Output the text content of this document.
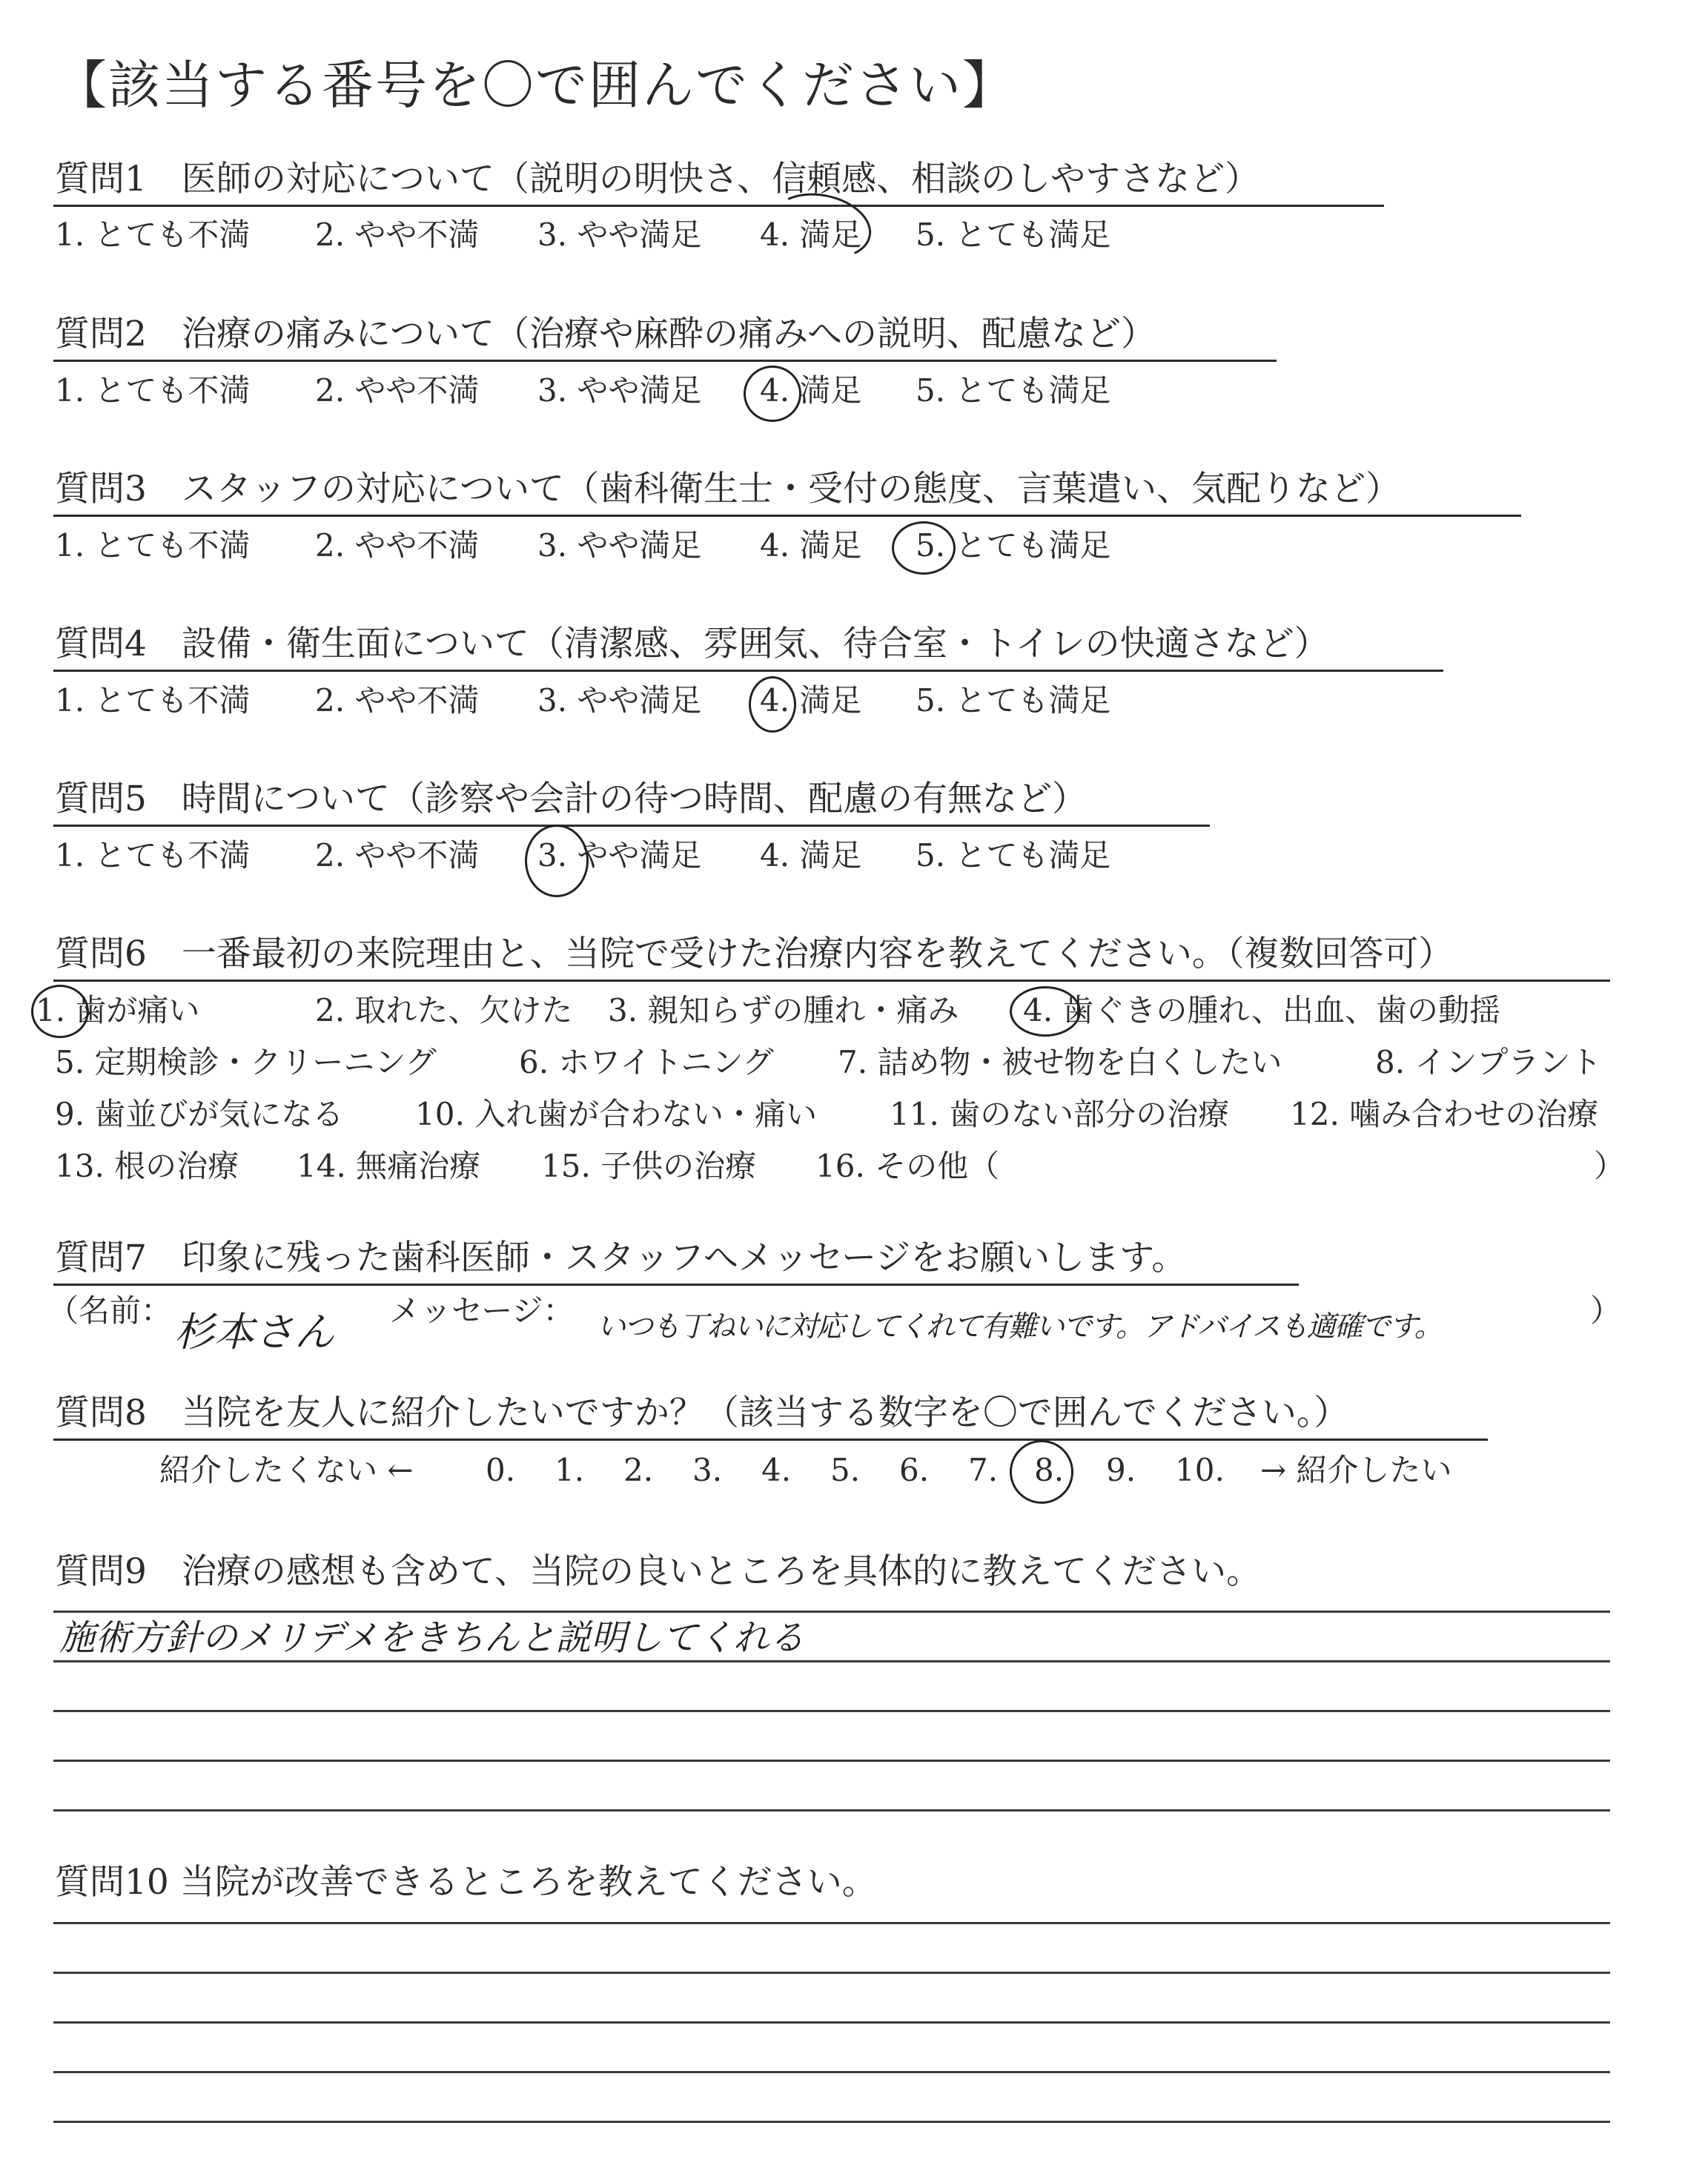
【該当する番号を〇で囲んでください】
質問1　医師の対応について（説明の明快さ、信頼感、相談のしやすさなど）
1. とても不満 2. やや不満 3. やや満足 4. 満足 5. とても満足
質問2　治療の痛みについて（治療や麻酔の痛みへの説明、配慮など）
1. とても不満 2. やや不満 3. やや満足 4. 満足 5. とても満足
質問3　スタッフの対応について（歯科衛生士・受付の態度、言葉遣い、気配りなど）
1. とても不満 2. やや不満 3. やや満足 4. 満足 5. とても満足
質問4　設備・衛生面について（清潔感、雰囲気、待合室・トイレの快適さなど）
1. とても不満 2. やや不満 3. やや満足 4. 満足 5. とても満足
質問5　時間について（診察や会計の待つ時間、配慮の有無など）
1. とても不満 2. やや不満 3. やや満足 4. 満足 5. とても満足
質問6　一番最初の来院理由と、当院で受けた治療内容を教えてください。（複数回答可）
1. 歯が痛い	2. 取れた、欠けた 3. 親知らずの腫れ・痛み 4. 歯ぐきの腫れ、出血、歯の動揺
5. 定期検診・クリーニング	6. ホワイトニング 7. 詰め物・被せ物を白くしたい	8. インプラント
9. 歯並びが気になる 10. 入れ歯が合わない・痛い 11. 歯のない部分の治療 12. 噛み合わせの治療
13. 根の治療 14. 無痛治療 15. 子供の治療 16. その他（	）
質問7　印象に残った歯科医師・スタッフへメッセージをお願いします。
（名前： 杉本さん メッセージ： いつも丁ねいに対応してくれて有難いです。アドバイスも適確です。	）
質問8　当院を友人に紹介したいですか？（該当する数字を〇で囲んでください。）
紹介したくない ← 0. 1. 2. 3. 4. 5. 6. 7. 8. 9. 10. → 紹介したい
質問9　治療の感想も含めて、当院の良いところを具体的に教えてください。
施術方針のメリデメをきちんと説明してくれる
質問10 当院が改善できるところを教えてください。
